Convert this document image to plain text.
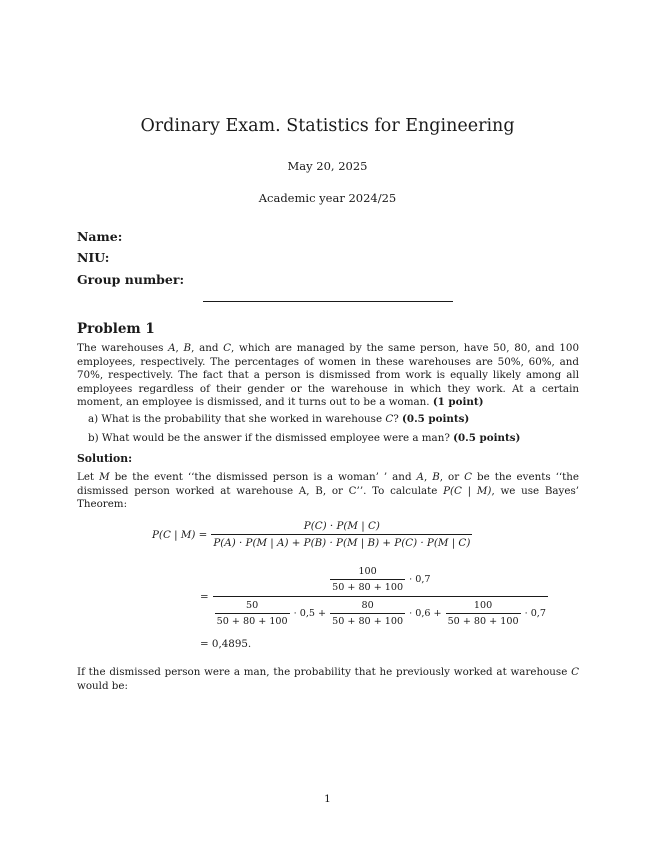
Ordinary Exam. Statistics for Engineering
May 20, 2025
Academic year 2024/25
Name:
NIU:
Group number:
Problem 1
The warehouses A, B, and C, which are managed by the same person, have 50, 80, and 100 employees, respectively. The percentages of women in these warehouses are 50%, 60%, and 70%, respectively. The fact that a person is dismissed from work is equally likely among all employees regardless of their gender or the warehouse in which they work. At a certain moment, an employee is dismissed, and it turns out to be a woman. (1 point)
a) What is the probability that she worked in warehouse C? (0.5 points)
b) What would be the answer if the dismissed employee were a man? (0.5 points)
Solution:
Let M be the event ‘‘the dismissed person is a woman’ ’ and A, B, or C be the events ‘‘the dismissed person worked at warehouse A, B, or C’’. To calculate P(C | M), we use Bayes’ Theorem:
P(C | $M) = \frac{P(C) \cdot P(M | C)}{P(A) \cdot P(M | A) + P(B) \cdot P(M | B) + P(C) \cdot P(M | C)}$
=
$\frac{100}{50 + 80 + 100} \cdot 0,7$
$\frac{50}{50 + 80 + 100} \cdot 0,5 + \frac{80}{50 + 80 + 100} \cdot 0,6 + \frac{100}{50 + 80 + 100} \cdot 0,7$
= 0,4895.
If the dismissed person were a man, the probability that he previously worked at warehouse C would be:
1
